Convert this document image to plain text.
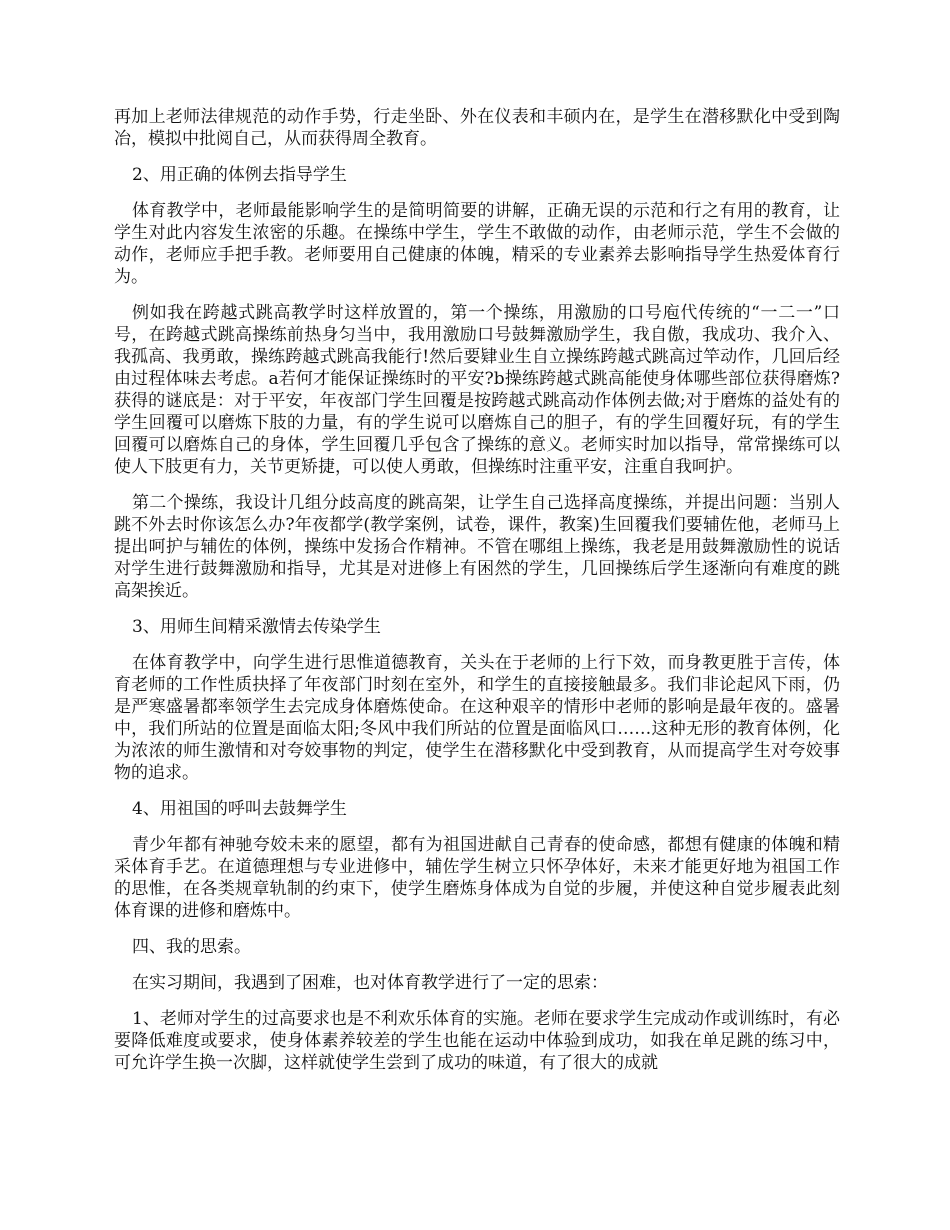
再加上老师法律规范的动作手势，行走坐卧、外在仪表和丰硕内在，是学生在潜移默化中受到陶冶，模拟中批阅自己，从而获得周全教育。

2、用正确的体例去指导学生

体育教学中，老师最能影响学生的是简明简要的讲解，正确无误的示范和行之有用的教育，让学生对此内容发生浓密的乐趣。在操练中学生，学生不敢做的动作，由老师示范，学生不会做的动作，老师应手把手教。老师要用自己健康的体魄，精采的专业素养去影响指导学生热爱体育行为。

例如我在跨越式跳高教学时这样放置的，第一个操练，用激励的口号庖代传统的“一二一”口号，在跨越式跳高操练前热身匀当中，我用激励口号鼓舞激励学生，我自傲，我成功、我介入、我孤高、我勇敢，操练跨越式跳高我能行!然后要肄业生自立操练跨越式跳高过竿动作，几回后经由过程体味去考虑。a若何才能保证操练时的平安?b操练跨越式跳高能使身体哪些部位获得磨炼?获得的谜底是：对于平安，年夜部门学生回覆是按跨越式跳高动作体例去做;对于磨炼的益处有的学生回覆可以磨炼下肢的力量，有的学生说可以磨炼自己的胆子，有的学生回覆好玩，有的学生回覆可以磨炼自己的身体，学生回覆几乎包含了操练的意义。老师实时加以指导，常常操练可以使人下肢更有力，关节更矫捷，可以使人勇敢，但操练时注重平安，注重自我呵护。

第二个操练，我设计几组分歧高度的跳高架，让学生自己选择高度操练，并提出问题：当别人跳不外去时你该怎么办?年夜都学(教学案例，试卷，课件，教案)生回覆我们要辅佐他，老师马上提出呵护与辅佐的体例，操练中发扬合作精神。不管在哪组上操练，我老是用鼓舞激励性的说话对学生进行鼓舞激励和指导，尤其是对进修上有困然的学生，几回操练后学生逐渐向有难度的跳高架挨近。

3、用师生间精采激情去传染学生

在体育教学中，向学生进行思惟道德教育，关头在于老师的上行下效，而身教更胜于言传，体育老师的工作性质抉择了年夜部门时刻在室外，和学生的直接接触最多。我们非论起风下雨，仍是严寒盛暑都率领学生去完成身体磨炼使命。在这种艰辛的情形中老师的影响是最年夜的。盛暑中，我们所站的位置是面临太阳;冬风中我们所站的位置是面临风口……这种无形的教育体例，化为浓浓的师生激情和对夸姣事物的判定，使学生在潜移默化中受到教育，从而提高学生对夸姣事物的追求。

4、用祖国的呼叫去鼓舞学生

青少年都有神驰夸姣未来的愿望，都有为祖国进献自己青春的使命感，都想有健康的体魄和精采体育手艺。在道德理想与专业进修中，辅佐学生树立只怀孕体好，未来才能更好地为祖国工作的思惟，在各类规章轨制的约束下，使学生磨炼身体成为自觉的步履，并使这种自觉步履表此刻体育课的进修和磨炼中。

四、我的思索。

在实习期间，我遇到了困难，也对体育教学进行了一定的思索：

1、老师对学生的过高要求也是不利欢乐体育的实施。老师在要求学生完成动作或训练时，有必要降低难度或要求，使身体素养较差的学生也能在运动中体验到成功，如我在单足跳的练习中，可允许学生换一次脚，这样就使学生尝到了成功的味道，有了很大的成就
